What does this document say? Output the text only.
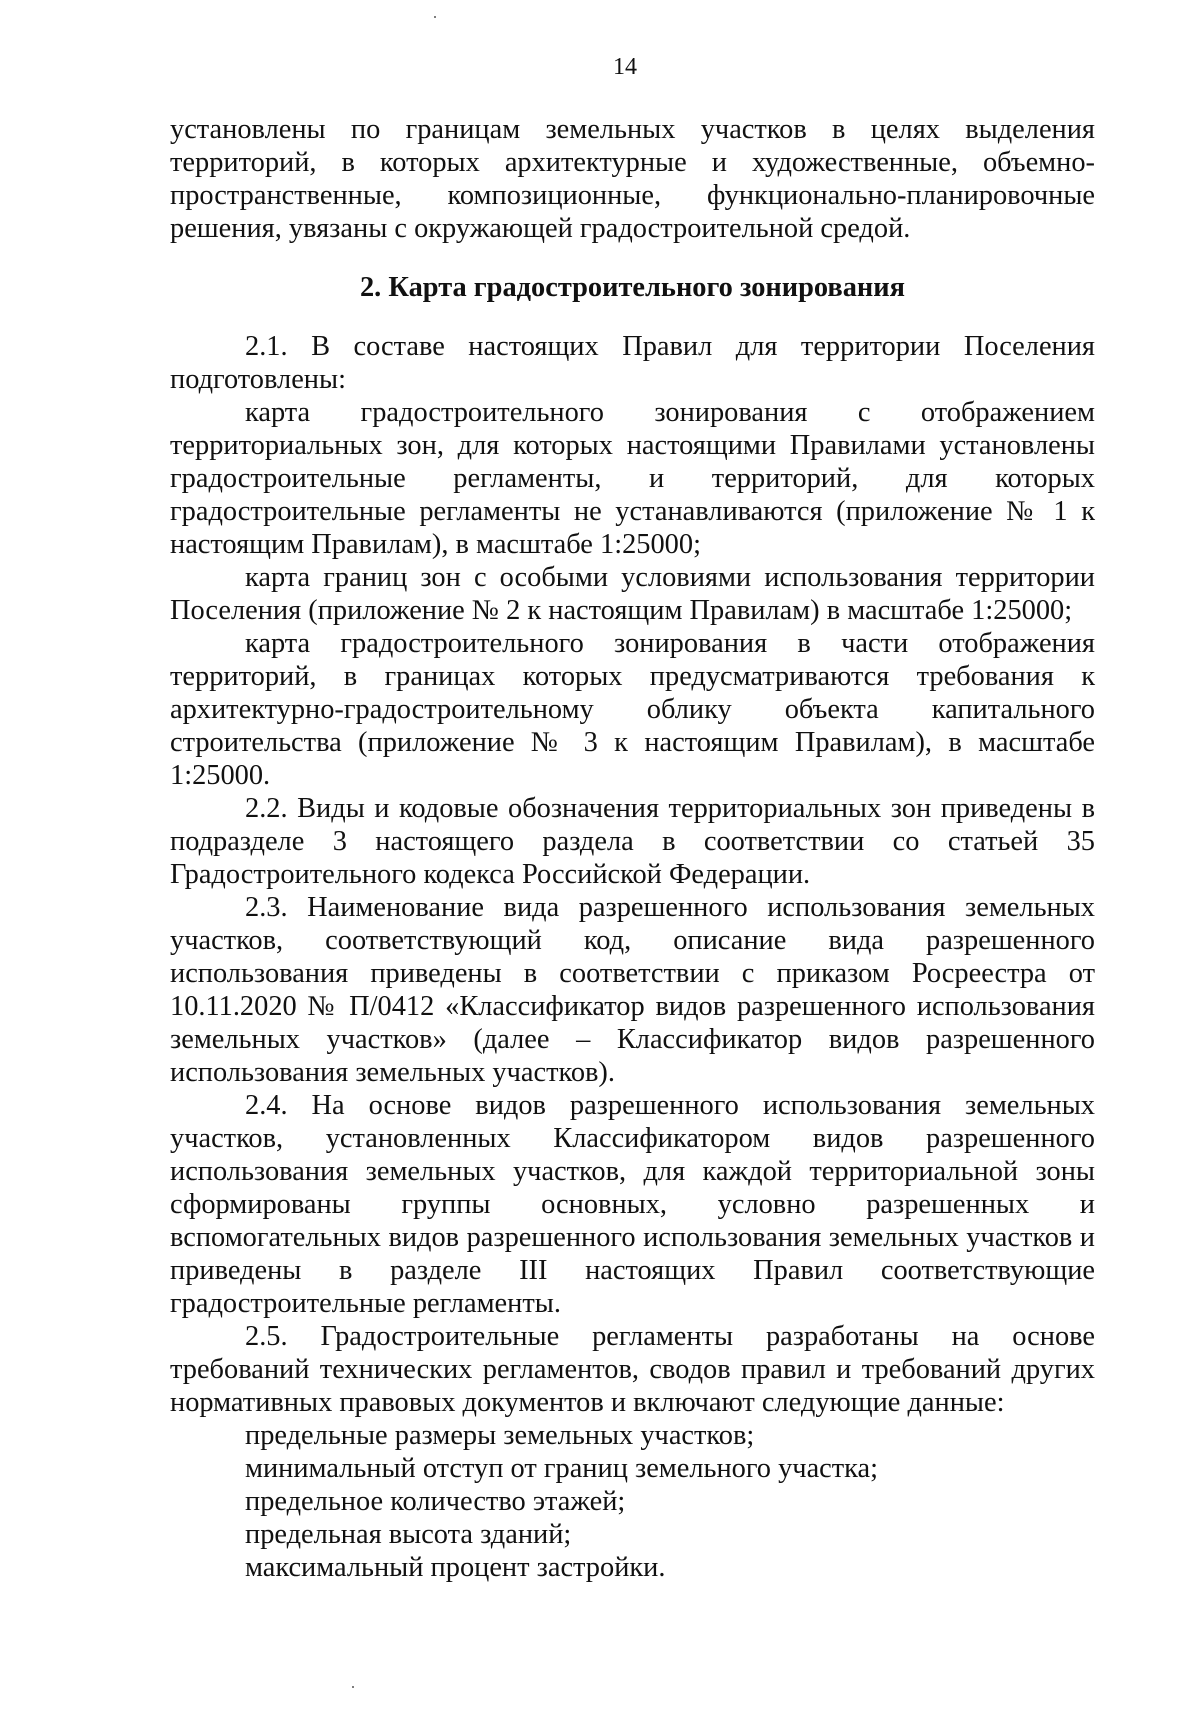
14

установлены по границам земельных участков в целях выделения территорий, в которых архитектурные и художественные, объемно-пространственные, композиционные, функционально-планировочные решения, увязаны с окружающей градостроительной средой.

2. Карта градостроительного зонирования

2.1. В составе настоящих Правил для территории Поселения подготовлены:

карта градостроительного зонирования с отображением территориальных зон, для которых настоящими Правилами установлены градостроительные регламенты, и территорий, для которых градостроительные регламенты не устанавливаются (приложение № 1 к настоящим Правилам), в масштабе 1:25000;

карта границ зон с особыми условиями использования территории Поселения (приложение № 2 к настоящим Правилам) в масштабе 1:25000;

карта градостроительного зонирования в части отображения территорий, в границах которых предусматриваются требования к архитектурно-градостроительному облику объекта капитального строительства (приложение № 3 к настоящим Правилам), в масштабе 1:25000.

2.2. Виды и кодовые обозначения территориальных зон приведены в подразделе 3 настоящего раздела в соответствии со статьей 35 Градостроительного кодекса Российской Федерации.

2.3. Наименование вида разрешенного использования земельных участков, соответствующий код, описание вида разрешенного использования приведены в соответствии с приказом Росреестра от 10.11.2020 № П/0412 «Классификатор видов разрешенного использования земельных участков» (далее – Классификатор видов разрешенного использования земельных участков).

2.4. На основе видов разрешенного использования земельных участков, установленных Классификатором видов разрешенного использования земельных участков, для каждой территориальной зоны сформированы группы основных, условно разрешенных и вспомогательных видов разрешенного использования земельных участков и приведены в разделе III настоящих Правил соответствующие градостроительные регламенты.

2.5. Градостроительные регламенты разработаны на основе требований технических регламентов, сводов правил и требований других нормативных правовых документов и включают следующие данные:

предельные размеры земельных участков;

минимальный отступ от границ земельного участка;

предельное количество этажей;

предельная высота зданий;

максимальный процент застройки.
